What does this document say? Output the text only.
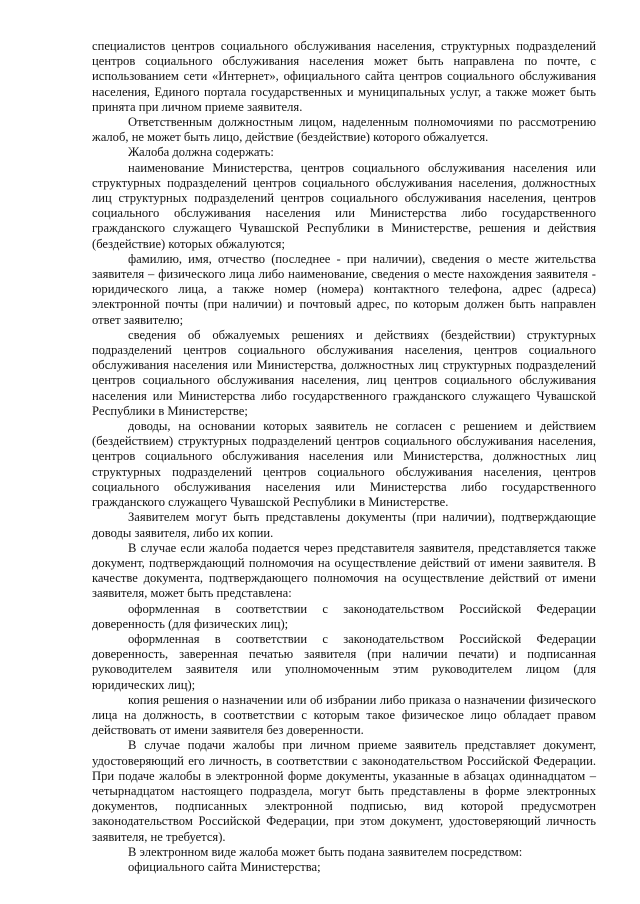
специалистов центров социального обслуживания населения, структурных подразделений центров социального обслуживания населения может быть направлена по почте, с использованием сети «Интернет», официального сайта центров социального обслуживания населения, Единого портала государственных и муниципальных услуг, а также может быть принята при личном приеме заявителя.

Ответственным должностным лицом, наделенным полномочиями по рассмотрению жалоб, не может быть лицо, действие (бездействие) которого обжалуется.

Жалоба должна содержать:

наименование Министерства, центров социального обслуживания населения или структурных подразделений центров социального обслуживания населения, должностных лиц структурных подразделений центров социального обслуживания населения, центров социального обслуживания населения или Министерства либо государственного гражданского служащего Чувашской Республики в Министерстве, решения и действия (бездействие) которых обжалуются;

фамилию, имя, отчество (последнее - при наличии), сведения о месте жительства заявителя – физического лица либо наименование, сведения о месте нахождения заявителя - юридического лица, а также номер (номера) контактного телефона, адрес (адреса) электронной почты (при наличии) и почтовый адрес, по которым должен быть направлен ответ заявителю;

сведения об обжалуемых решениях и действиях (бездействии) структурных подразделений центров социального обслуживания населения, центров социального обслуживания населения или Министерства, должностных лиц структурных подразделений центров социального обслуживания населения, лиц центров социального обслуживания населения или Министерства либо государственного гражданского служащего Чувашской Республики в Министерстве;

доводы, на основании которых заявитель не согласен с решением и действием (бездействием) структурных подразделений центров социального обслуживания населения, центров социального обслуживания населения или Министерства, должностных лиц структурных подразделений центров социального обслуживания населения, центров социального обслуживания населения или Министерства либо государственного гражданского служащего Чувашской Республики в Министерстве.

Заявителем могут быть представлены документы (при наличии), подтверждающие доводы заявителя, либо их копии.

В случае если жалоба подается через представителя заявителя, представляется также документ, подтверждающий полномочия на осуществление действий от имени заявителя. В качестве документа, подтверждающего полномочия на осуществление действий от имени заявителя, может быть представлена:

оформленная в соответствии с законодательством Российской Федерации доверенность (для физических лиц);

оформленная в соответствии с законодательством Российской Федерации доверенность, заверенная печатью заявителя (при наличии печати) и подписанная руководителем заявителя или уполномоченным этим руководителем лицом (для юридических лиц);

копия решения о назначении или об избрании либо приказа о назначении физического лица на должность, в соответствии с которым такое физическое лицо обладает правом действовать от имени заявителя без доверенности.

В случае подачи жалобы при личном приеме заявитель представляет документ, удостоверяющий его личность, в соответствии с законодательством Российской Федерации. При подаче жалобы в электронной форме документы, указанные в абзацах одиннадцатом – четырнадцатом настоящего подраздела, могут быть представлены в форме электронных документов, подписанных электронной подписью, вид которой предусмотрен законодательством Российской Федерации, при этом документ, удостоверяющий личность заявителя, не требуется).

В электронном виде жалоба может быть подана заявителем посредством:

официального сайта Министерства;
